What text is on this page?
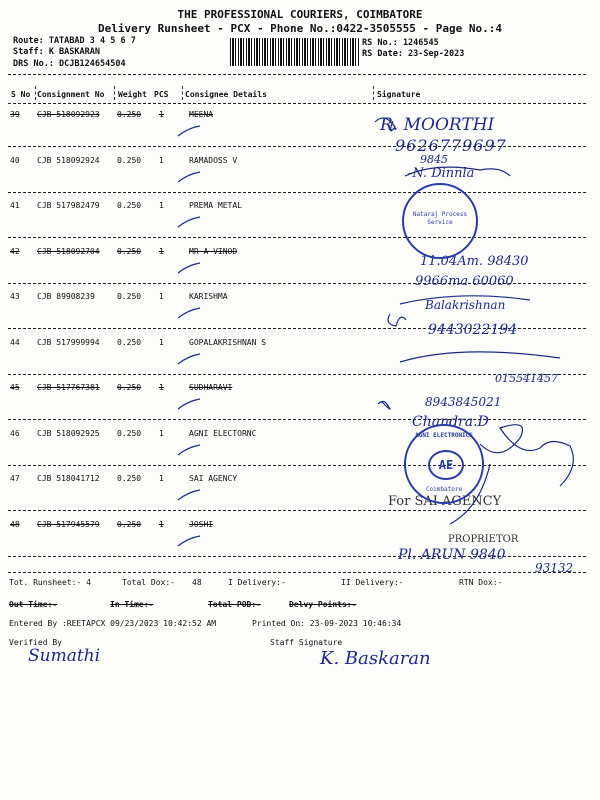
THE PROFESSIONAL COURIERS, COIMBATORE
Delivery Runsheet - PCX - Phone No.:0422-3505555 - Page No.:4
Route: TATABAD 3 4 5 6 7
Staff: K BASKARAN
DRS No.: DCJB124654504
RS No.: 1246545
RS Date: 23-Sep-2023
S No Consignment No Weight PCS Consignee Details	Signature
39 CJB 518092923 0.250 1	MEENA
40 CJB 518092924 0.250 1	RAMADOSS V
41 CJB 517982479 0.250 1	PREMA METAL
42 CJB 518092704 0.250 1	MR A VINOD
43 CJB 89908239	0.250 1	KARISHMA
44 CJB 517999994 0.250 1	GOPALAKRISHNAN S
45 CJB 517767381 0.250 1	SUDHARAVI
46 CJB 518092925 0.250 1	AGNI ELECTORNC
47 CJB 518041712 0.250 1	SAI AGENCY
48 CJB 517945579 0.250 1	JOSHI
R. MOORTHI
9626779697
9845
-N. Dinnla
11.04Am. 98430
9966ma 60060
Balakrishnan
9443022194
015541457
8943845021
Chandra.D
For SAI AGENCY
PROPRIETOR
Pl. ARUN 9840
93132
Nataraj Process Service
AGNI ELECTRONICS
AE
Coimbatore
Tot. Runsheet:- 4	Total Dox:- 48	I Delivery:-	II Delivery:-	RTN Dox:-
Out Time:-	In Time:-	Total POD:-	Delvy Points:-
Entered By :REETAPCX 09/23/2023 10:42:52 AM	Printed On: 23-09-2023 10:46:34
Verified By	Staff Signature
Sumathi	K. Baskaran
